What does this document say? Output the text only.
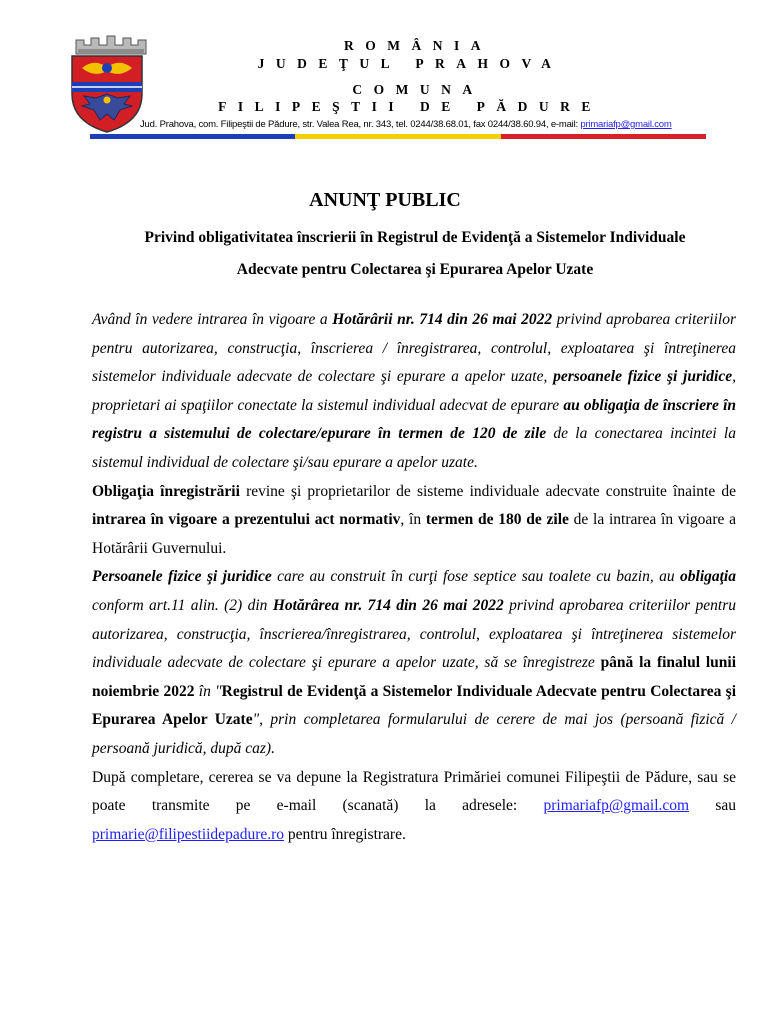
ROMÂNIA

JUDEŢUL PRAHOVA

COMUNA

FILIPEŞTII DE PĂDURE

Jud. Prahova, com. Filipeştii de Pădure, str. Valea Rea, nr. 343, tel. 0244/38.68.01, fax 0244/38.60.94, e-mail: primariafp@gmail.com

ANUNŢ PUBLIC

Privind obligativitatea înscrierii în Registrul de Evidenţă a Sistemelor Individuale
Adecvate pentru Colectarea şi Epurarea Apelor Uzate

Având în vedere intrarea în vigoare a Hotărârii nr. 714 din 26 mai 2022 privind aprobarea criteriilor pentru autorizarea, construcţia, înscrierea / înregistrarea, controlul, exploatarea şi întreţinerea sistemelor individuale adecvate de colectare şi epurare a apelor uzate, persoanele fizice şi juridice, proprietari ai spaţiilor conectate la sistemul individual adecvat de epurare au obligaţia de înscriere în registru a sistemului de colectare/epurare în termen de 120 de zile de la conectarea incintei la sistemul individual de colectare şi/sau epurare a apelor uzate.

Obligaţia înregistrării revine şi proprietarilor de sisteme individuale adecvate construite înainte de intrarea în vigoare a prezentului act normativ, în termen de 180 de zile de la intrarea în vigoare a Hotărârii Guvernului.

Persoanele fizice şi juridice care au construit în curţi fose septice sau toalete cu bazin, au obligaţia conform art.11 alin. (2) din Hotărârea nr. 714 din 26 mai 2022 privind aprobarea criteriilor pentru autorizarea, construcţia, înscrierea/înregistrarea, controlul, exploatarea şi întreţinerea sistemelor individuale adecvate de colectare şi epurare a apelor uzate, să se înregistreze până la finalul lunii noiembrie 2022 în "Registrul de Evidenţă a Sistemelor Individuale Adecvate pentru Colectarea şi Epurarea Apelor Uzate", prin completarea formularului de cerere de mai jos (persoană fizică / persoană juridică, după caz).

După completare, cererea se va depune la Registratura Primăriei comunei Filipeştii de Pădure, sau se poate transmite pe e-mail (scanată) la adresele: primariafp@gmail.com sau primarie@filipestiidepadure.ro pentru înregistrare.
